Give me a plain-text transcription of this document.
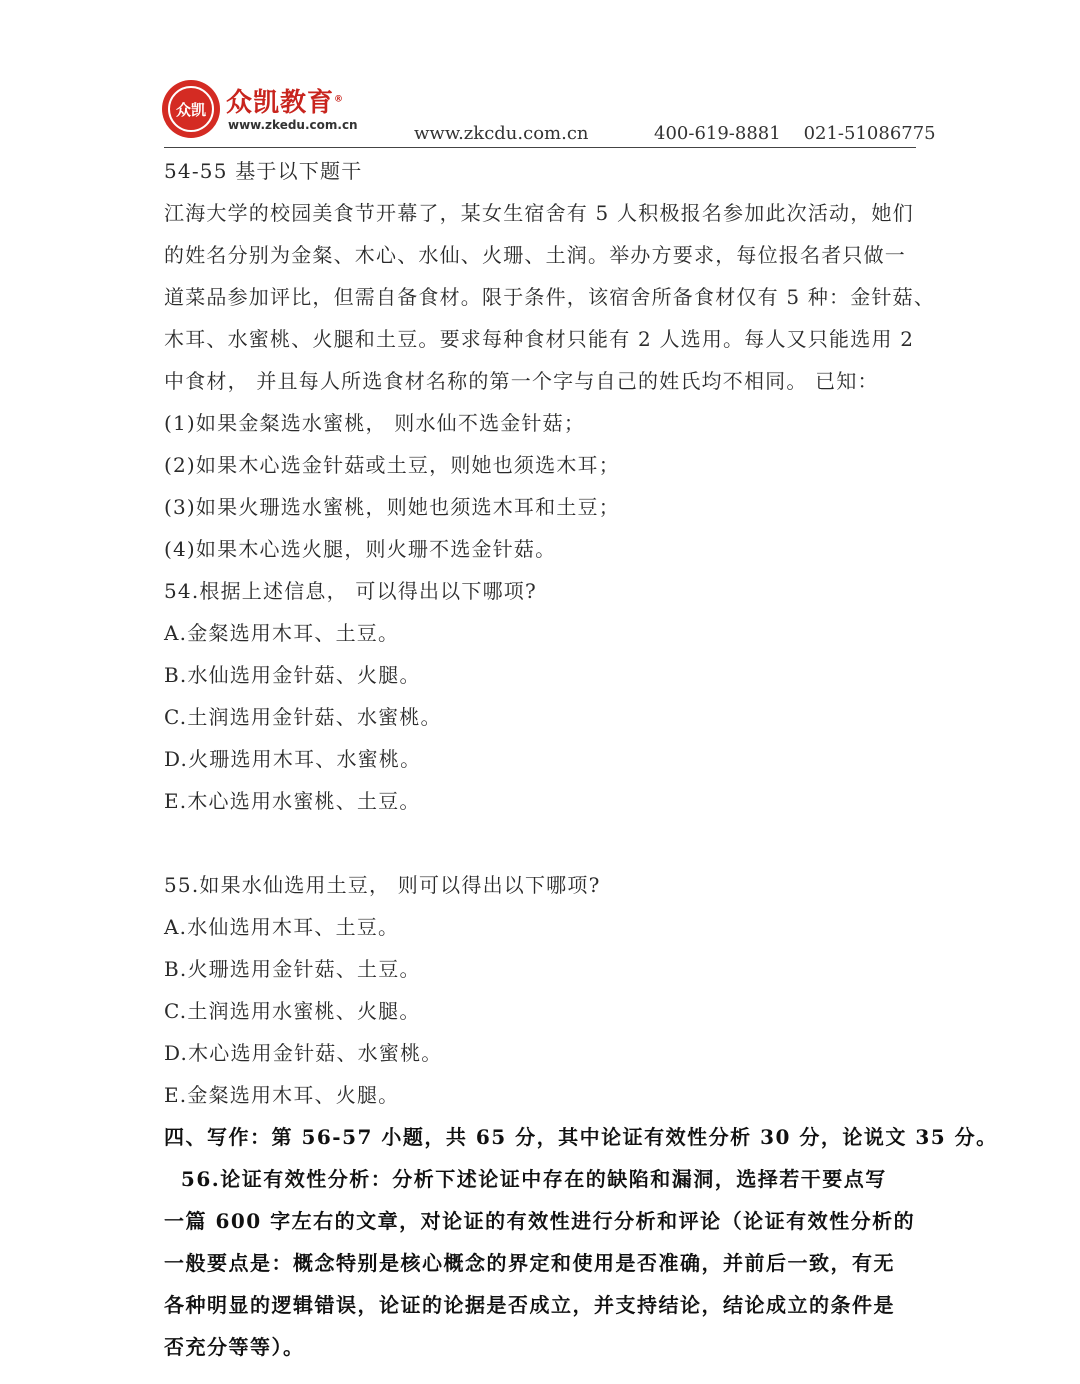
众凯 众凯教育®
www.zkedu.com.cn	www.zkcdu.com.cn	400-619-8881    021-51086775
54-55 基于以下题干
江海大学的校园美食节开幕了，某女生宿舍有 5 人积极报名参加此次活动，她们
的姓名分别为金粲、木心、水仙、火珊、土润。举办方要求，每位报名者只做一
道菜品参加评比，但需自备食材。限于条件，该宿舍所备食材仅有 5 种：金针菇、
木耳、水蜜桃、火腿和土豆。要求每种食材只能有 2 人选用。每人又只能选用 2
中食材， 并且每人所选食材名称的第一个字与自己的姓氏均不相同。 已知：
(1)如果金粲选水蜜桃， 则水仙不选金针菇；
(2)如果木心选金针菇或土豆，则她也须选木耳；
(3)如果火珊选水蜜桃，则她也须选木耳和土豆；
(4)如果木心选火腿，则火珊不选金针菇。
54.根据上述信息， 可以得出以下哪项?
A.金粲选用木耳、土豆。
B.水仙选用金针菇、火腿。
C.土润选用金针菇、水蜜桃。
D.火珊选用木耳、水蜜桃。
E.木心选用水蜜桃、土豆。
55.如果水仙选用土豆， 则可以得出以下哪项?
A.水仙选用木耳、土豆。
B.火珊选用金针菇、土豆。
C.土润选用水蜜桃、火腿。
D.木心选用金针菇、水蜜桃。
E.金粲选用木耳、火腿。
四、写作：第 56-57 小题，共 65 分，其中论证有效性分析 30 分，论说文 35 分。
56.论证有效性分析：分析下述论证中存在的缺陷和漏洞，选择若干要点写
一篇 600 字左右的文章，对论证的有效性进行分析和评论（论证有效性分析的
一般要点是：概念特别是核心概念的界定和使用是否准确，并前后一致，有无
各种明显的逻辑错误，论证的论据是否成立，并支持结论，结论成立的条件是
否充分等等）。
